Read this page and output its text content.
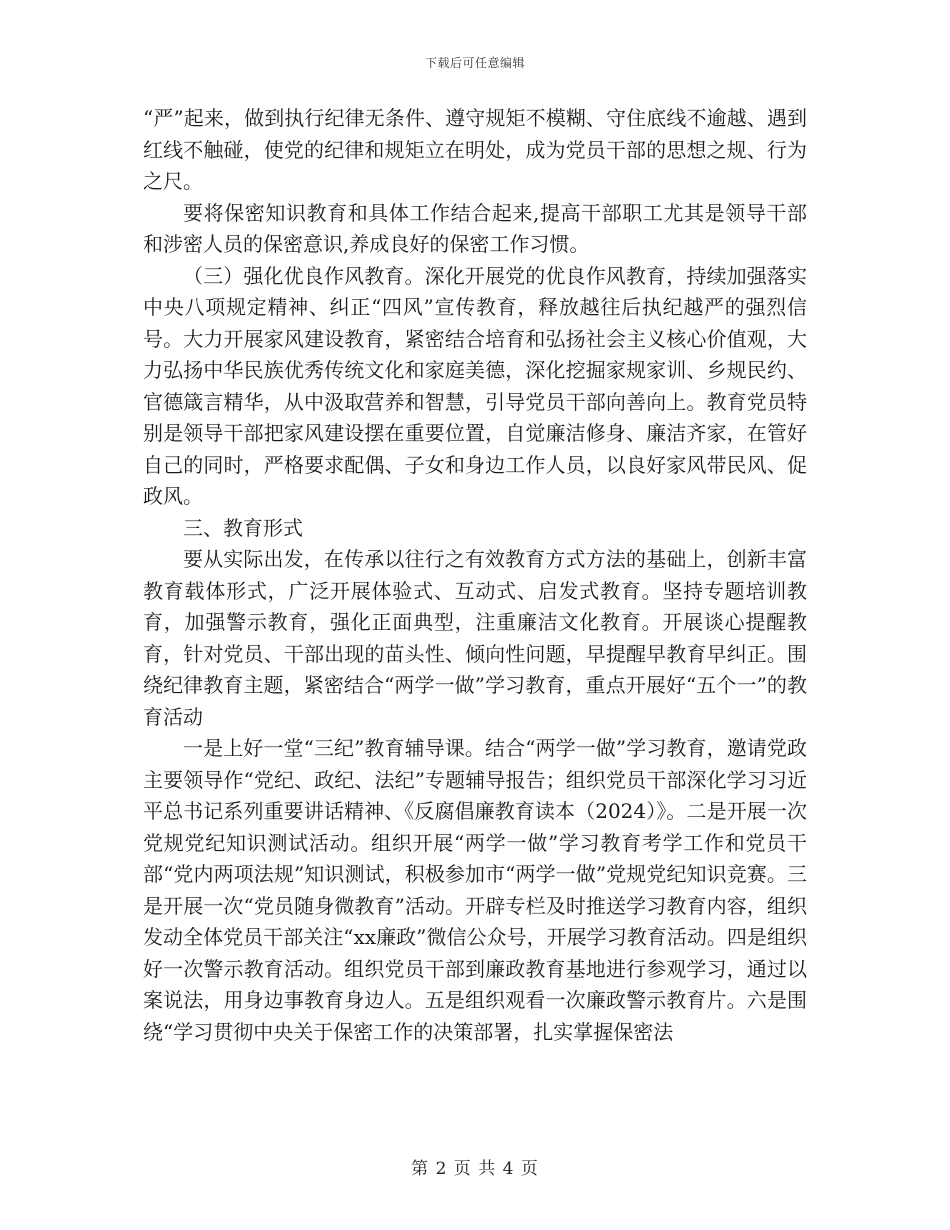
下载后可任意编辑

“严”起来，做到执行纪律无条件、遵守规矩不模糊、守住底线不逾越、遇到红线不触碰，使党的纪律和规矩立在明处，成为党员干部的思想之规、行为之尺。

要将保密知识教育和具体工作结合起来,提高干部职工尤其是领导干部和涉密人员的保密意识,养成良好的保密工作习惯。

（三）强化优良作风教育。深化开展党的优良作风教育，持续加强落实中央八项规定精神、纠正“四风”宣传教育，释放越往后执纪越严的强烈信号。大力开展家风建设教育，紧密结合培育和弘扬社会主义核心价值观，大力弘扬中华民族优秀传统文化和家庭美德，深化挖掘家规家训、乡规民约、官德箴言精华，从中汲取营养和智慧，引导党员干部向善向上。教育党员特别是领导干部把家风建设摆在重要位置，自觉廉洁修身、廉洁齐家，在管好自己的同时，严格要求配偶、子女和身边工作人员，以良好家风带民风、促政风。

三、教育形式

要从实际出发，在传承以往行之有效教育方式方法的基础上，创新丰富教育载体形式，广泛开展体验式、互动式、启发式教育。坚持专题培训教育，加强警示教育，强化正面典型，注重廉洁文化教育。开展谈心提醒教育，针对党员、干部出现的苗头性、倾向性问题，早提醒早教育早纠正。围绕纪律教育主题，紧密结合“两学一做”学习教育，重点开展好“五个一”的教育活动

一是上好一堂“三纪”教育辅导课。结合“两学一做”学习教育，邀请党政主要领导作“党纪、政纪、法纪”专题辅导报告；组织党员干部深化学习习近平总书记系列重要讲话精神、《反腐倡廉教育读本（2024）》。二是开展一次党规党纪知识测试活动。组织开展“两学一做”学习教育考学工作和党员干部“党内两项法规”知识测试，积极参加市“两学一做”党规党纪知识竞赛。三是开展一次“党员随身微教育”活动。开辟专栏及时推送学习教育内容，组织发动全体党员干部关注“xx廉政”微信公众号，开展学习教育活动。四是组织好一次警示教育活动。组织党员干部到廉政教育基地进行参观学习，通过以案说法，用身边事教育身边人。五是组织观看一次廉政警示教育片。六是围绕“学习贯彻中央关于保密工作的决策部署，扎实掌握保密法

第 2 页 共 4 页
